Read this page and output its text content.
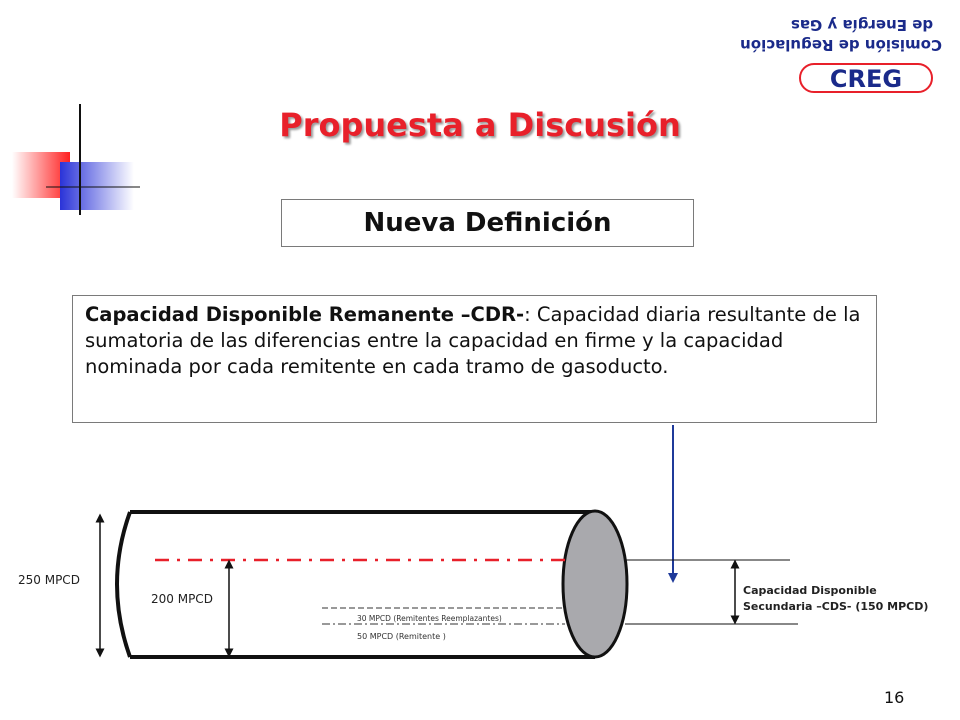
de Energía y Gas
Comisión de Regulación
CREG
Propuesta a Discusión
Nueva Definición
Capacidad Disponible Remanente –CDR-: Capacidad diaria resultante de la sumatoria de las diferencias entre la capacidad en firme y la capacidad nominada por cada remitente en cada tramo de gasoducto.
250 MPCD
200 MPCD
30 MPCD (Remitentes Reemplazantes)
50 MPCD (Remitente )
Capacidad Disponible
Secundaria –CDS- (150 MPCD)
16
